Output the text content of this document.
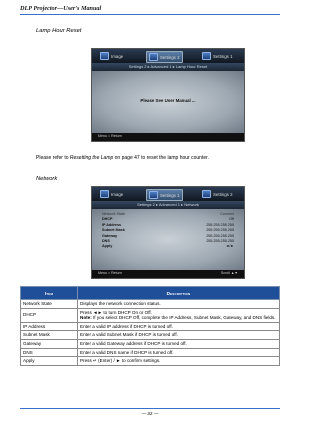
DLP Projector—User's Manual
Lamp Hour Reset
Image	Settings 2	Settings 1
Settings 2 ▸ Advanced 1 ▸ Lamp Hour Reset
Please See User Manual ...
Menu = Return
Please refer to Resetting the Lamp on page 47 to reset the lamp hour counter.
Network
Image	Settings 1	Settings 2
Settings 2 ▸ Advanced 1 ▸ Network
Network State	Connect
DHCP	Off
IP Address	255.255.255.255
Subnet Mask	255.255.255.255
Gateway	255.255.255.255
DNS	255.255.255.255
Apply	◄/►
Menu = Return	Scroll ▲▼
Item	Description
Network State	Displays the network connection status.
DHCP	Press ◄► to turn DHCP On or Off.
Note: If you select DHCP Off, complete the IP Address, Subnet Mask, Gateway, and DNS fields.
IP Address	Enter a valid IP address if DHCP is turned off.
Subnet Mask	Enter a valid Subnet Mask if DHCP is turned off.
Gateway	Enter a valid Gateway address if DHCP is turned off.
DNS	Enter a valid DNS name if DHCP is turned off.
Apply	Press ↵ (Enter) / ► to confirm settings.
— 32 —
